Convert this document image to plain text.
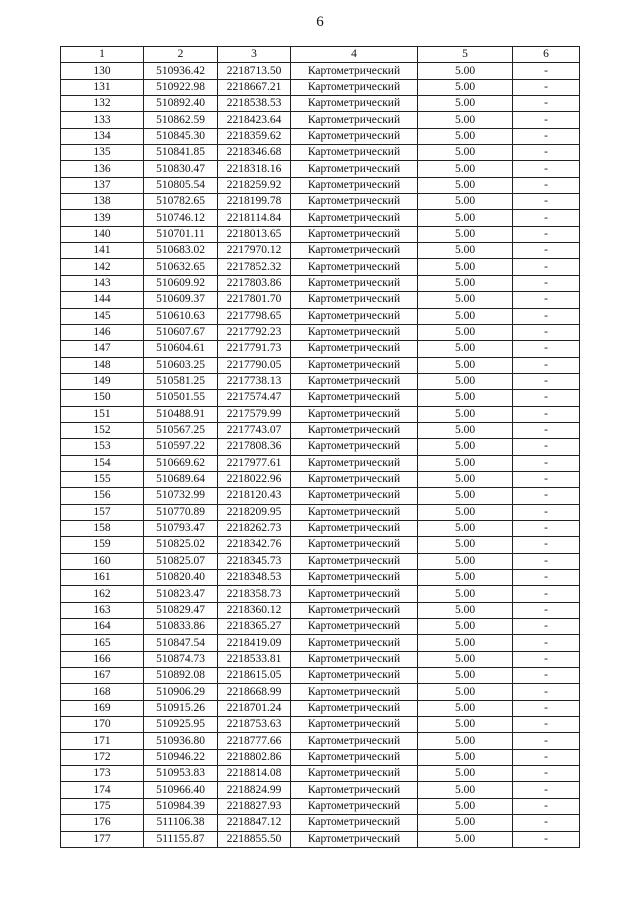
6
1	2	3	4	5	6
130	510936.42	2218713.50	Картометрический	5.00	-
131	510922.98	2218667.21	Картометрический	5.00	-
132	510892.40	2218538.53	Картометрический	5.00	-
133	510862.59	2218423.64	Картометрический	5.00	-
134	510845.30	2218359.62	Картометрический	5.00	-
135	510841.85	2218346.68	Картометрический	5.00	-
136	510830.47	2218318.16	Картометрический	5.00	-
137	510805.54	2218259.92	Картометрический	5.00	-
138	510782.65	2218199.78	Картометрический	5.00	-
139	510746.12	2218114.84	Картометрический	5.00	-
140	510701.11	2218013.65	Картометрический	5.00	-
141	510683.02	2217970.12	Картометрический	5.00	-
142	510632.65	2217852.32	Картометрический	5.00	-
143	510609.92	2217803.86	Картометрический	5.00	-
144	510609.37	2217801.70	Картометрический	5.00	-
145	510610.63	2217798.65	Картометрический	5.00	-
146	510607.67	2217792.23	Картометрический	5.00	-
147	510604.61	2217791.73	Картометрический	5.00	-
148	510603.25	2217790.05	Картометрический	5.00	-
149	510581.25	2217738.13	Картометрический	5.00	-
150	510501.55	2217574.47	Картометрический	5.00	-
151	510488.91	2217579.99	Картометрический	5.00	-
152	510567.25	2217743.07	Картометрический	5.00	-
153	510597.22	2217808.36	Картометрический	5.00	-
154	510669.62	2217977.61	Картометрический	5.00	-
155	510689.64	2218022.96	Картометрический	5.00	-
156	510732.99	2218120.43	Картометрический	5.00	-
157	510770.89	2218209.95	Картометрический	5.00	-
158	510793.47	2218262.73	Картометрический	5.00	-
159	510825.02	2218342.76	Картометрический	5.00	-
160	510825.07	2218345.73	Картометрический	5.00	-
161	510820.40	2218348.53	Картометрический	5.00	-
162	510823.47	2218358.73	Картометрический	5.00	-
163	510829.47	2218360.12	Картометрический	5.00	-
164	510833.86	2218365.27	Картометрический	5.00	-
165	510847.54	2218419.09	Картометрический	5.00	-
166	510874.73	2218533.81	Картометрический	5.00	-
167	510892.08	2218615.05	Картометрический	5.00	-
168	510906.29	2218668.99	Картометрический	5.00	-
169	510915.26	2218701.24	Картометрический	5.00	-
170	510925.95	2218753.63	Картометрический	5.00	-
171	510936.80	2218777.66	Картометрический	5.00	-
172	510946.22	2218802.86	Картометрический	5.00	-
173	510953.83	2218814.08	Картометрический	5.00	-
174	510966.40	2218824.99	Картометрический	5.00	-
175	510984.39	2218827.93	Картометрический	5.00	-
176	511106.38	2218847.12	Картометрический	5.00	-
177	511155.87	2218855.50	Картометрический	5.00	-
